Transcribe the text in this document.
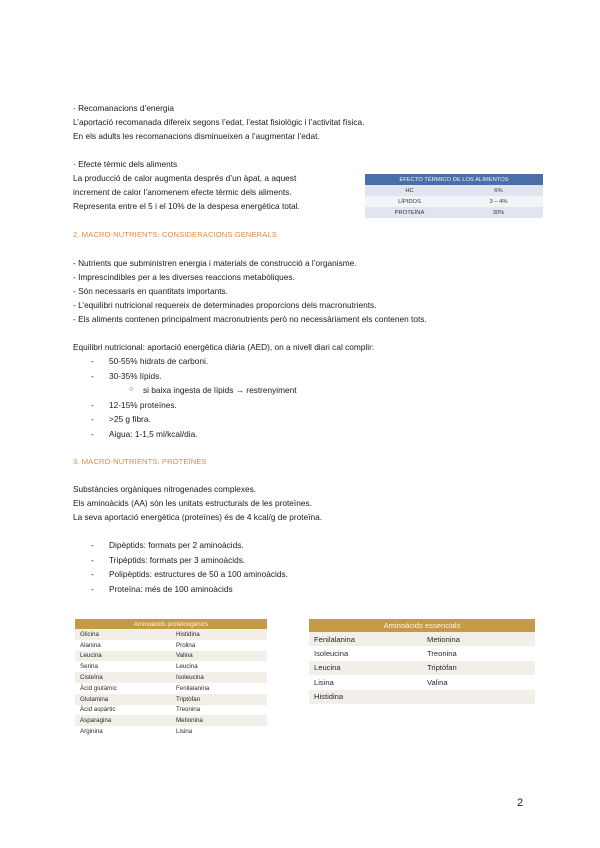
· Recomanacions d’energia

L’aportació recomanada difereix segons l’edat, l’estat fisiològic i l’activitat física.

En els adults les recomanacions disminueixen a l’augmentar l’edat.

· Efecte tèrmic dels aliments

La producció de calor augmenta després d’un àpat, a aquest

increment de calor l’anomenem efecte tèrmic dels aliments.

Representa entre el 5 i el 10% de la despesa energètica total.

EFECTO TÉRMICO DE LOS ALIMENTOS	
HC	6%
LÍPIDOS	3 – 4%
PROTEÍNA	30%

2. MACRO-NUTRIENTS: CONSIDERACIONS GENERALS

- Nutrients que subministren energia i materials de construcció a l’organisme.

- Imprescindibles per a les diverses reaccions metabòliques.

- Són necessaris en quantitats importants.

- L’equilibri nutricional requereix de determinades proporcions dels macronutrients.

- Els aliments contenen principalment macronutrients però no necessàriament els contenen tots.

Equilibri nutricional: aportació energètica diària (AED), on a nivell diari cal complir:

- 50-55% hidrats de carboni.
- 30-35% lípids.
○ si baixa ingesta de lípids → restrenyiment
- 12-15% proteïnes.
- >25 g fibra.
- Aigua: 1-1,5 ml/kcal/dia.

3. MACRO-NUTRIENTS: PROTEÏNES

Substàncies orgàniques nitrogenades complexes.

Els aminoàcids (AA) són les unitats estructurals de les proteïnes.

La seva aportació energètica (proteïnes) és de 4 kcal/g de proteïna.

- Dipèptids: formats per 2 aminoàcids.
- Tripèptids: formats per 3 aminoàcids.
- Polipèptids: estructures de 50 a 100 aminoàcids.
- Proteïna: més de 100 aminoàcids
Aminoàcids proteïnogènics	
Glicina	Histidina
Alanina	Prolina
Leucina	Valina
Serina	Leucina
Cisteïna	Isoleucina
Àcid glutàmic	Fenilalanina
Glutamina	Triptòfan
Àcid aspàrtic	Treonina
Asparagina	Metionina
Arginina	Lisina
Aminoàcids essencials	
Fenilalanina	Metionina
Isoleucina	Treonina
Leucina	Triptòfan
Lisina	Valina
Histidina	
2
